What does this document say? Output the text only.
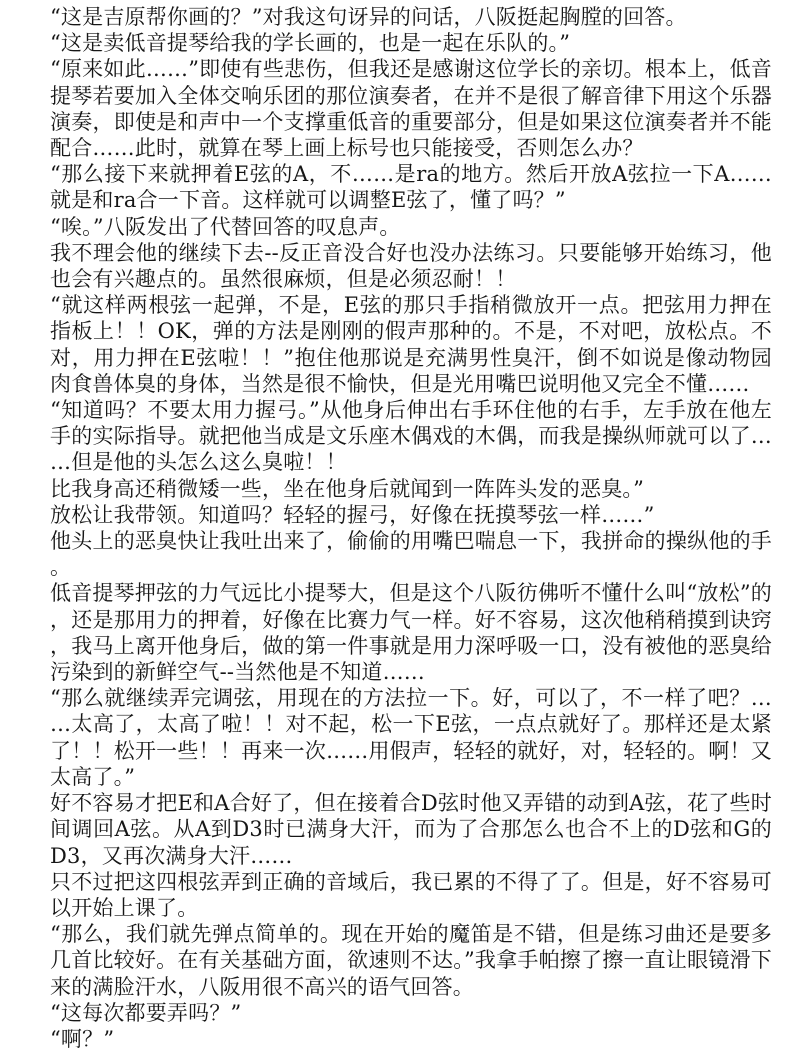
“这是吉原帮你画的？”对我这句讶异的问话，八阪挺起胸膛的回答。

“这是卖低音提琴给我的学长画的，也是一起在乐队的。”

“原来如此……”即使有些悲伤，但我还是感谢这位学长的亲切。根本上，低音提琴若要加入全体交响乐团的那位演奏者，在并不是很了解音律下用这个乐器演奏，即使是和声中一个支撑重低音的重要部分，但是如果这位演奏者并不能配合……此时，就算在琴上画上标号也只能接受，否则怎么办？

“那么接下来就押着E弦的A，不……是ra的地方。然后开放A弦拉一下A……就是和ra合一下音。这样就可以调整E弦了，懂了吗？”

“唉。”八阪发出了代替回答的叹息声。

我不理会他的继续下去--反正音没合好也没办法练习。只要能够开始练习，他也会有兴趣点的。虽然很麻烦，但是必须忍耐！！

“就这样两根弦一起弹，不是，E弦的那只手指稍微放开一点。把弦用力押在指板上！！OK，弹的方法是刚刚的假声那种的。不是，不对吧，放松点。不对，用力押在E弦啦！！”抱住他那说是充满男性臭汗，倒不如说是像动物园肉食兽体臭的身体，当然是很不愉快，但是光用嘴巴说明他又完全不懂……

“知道吗？不要太用力握弓。”从他身后伸出右手环住他的右手，左手放在他左手的实际指导。就把他当成是文乐座木偶戏的木偶，而我是操纵师就可以了……但是他的头怎么这么臭啦！！

比我身高还稍微矮一些，坐在他身后就闻到一阵阵头发的恶臭。”

放松让我带领。知道吗？轻轻的握弓，好像在抚摸琴弦一样……”

他头上的恶臭快让我吐出来了，偷偷的用嘴巴喘息一下，我拼命的操纵他的手。

低音提琴押弦的力气远比小提琴大，但是这个八阪彷佛听不懂什么叫“放松”的，还是那用力的押着，好像在比赛力气一样。好不容易，这次他稍稍摸到诀窍，我马上离开他身后，做的第一件事就是用力深呼吸一口，没有被他的恶臭给污染到的新鲜空气--当然他是不知道……

“那么就继续弄完调弦，用现在的方法拉一下。好，可以了，不一样了吧？……太高了，太高了啦！！对不起，松一下E弦，一点点就好了。那样还是太紧了！！松开一些！！再来一次……用假声，轻轻的就好，对，轻轻的。啊！又太高了。”

好不容易才把E和A合好了，但在接着合D弦时他又弄错的动到A弦，花了些时间调回A弦。从A到D3时已满身大汗，而为了合那怎么也合不上的D弦和G的D3，又再次满身大汗……

只不过把这四根弦弄到正确的音域后，我已累的不得了了。但是，好不容易可以开始上课了。

“那么，我们就先弹点简单的。现在开始的魔笛是不错，但是练习曲还是要多几首比较好。在有关基础方面，欲速则不达。”我拿手帕擦了擦一直让眼镜滑下来的满脸汗水，八阪用很不高兴的语气回答。

“这每次都要弄吗？”

“啊？”
